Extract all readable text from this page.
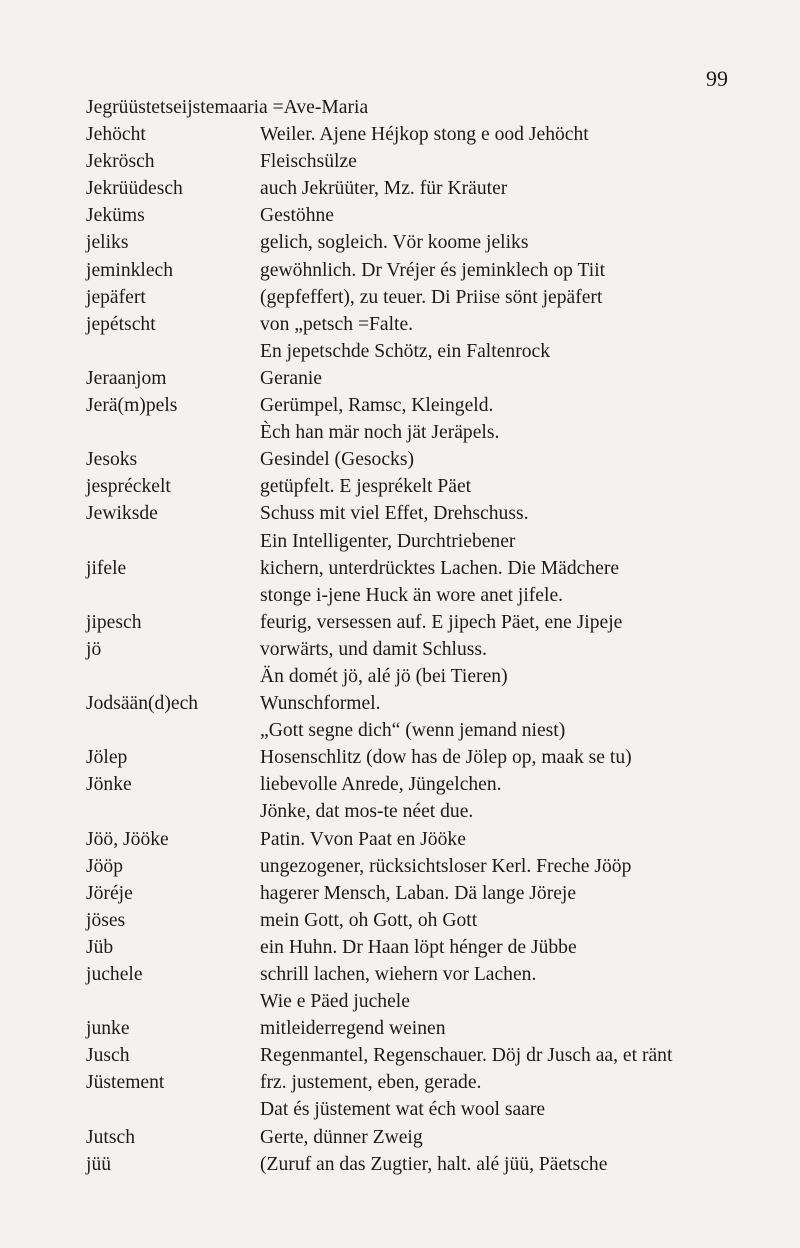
99
Jegrüüstetseijstemaaria =Ave-Maria
Jehöcht	Weiler. Ajene Héjkop stong e ood Jehöcht
Jekrösch	Fleischsülze
Jekrüüdesch	auch Jekrüüter, Mz. für Kräuter
Jeküms	Gestöhne
jeliks	gelich, sogleich. Vör koome jeliks
jeminklech	gewöhnlich. Dr Vréjer és jeminklech op Tiit
jepäfert	(gepfeffert), zu teuer. Di Priise sönt jepäfert
jepétscht	von „petsch =Falte.
En jepetschde Schötz, ein Faltenrock
Jeraanjom	Geranie
Jerä(m)pels	Gerümpel, Ramsc, Kleingeld.
Èch han mär noch jät Jeräpels.
Jesoks	Gesindel (Gesocks)
jespréckelt	getüpfelt. E jesprékelt Päet
Jewiksde	Schuss mit viel Effet, Drehschuss.
Ein Intelligenter, Durchtriebener
jifele	kichern, unterdrücktes Lachen. Die Mädchere
stonge i-jene Huck än wore anet jifele.
jipesch	feurig, versessen auf. E jipech Päet, ene Jipeje
jö	vorwärts, und damit Schluss.
Än domét jö, alé jö (bei Tieren)
Jodsään(d)ech	Wunschformel.
„Gott segne dich“ (wenn jemand niest)
Jölep	Hosenschlitz (dow has de Jölep op, maak se tu)
Jönke	liebevolle Anrede, Jüngelchen.
Jönke, dat mos-te néet due.
Jöö, Jööke	Patin. Vvon Paat en Jööke
Jööp	ungezogener, rücksichtsloser Kerl. Freche Jööp
Jöréje	hagerer Mensch, Laban. Dä lange Jöreje
jöses	mein Gott, oh Gott, oh Gott
Jüb	ein Huhn. Dr Haan löpt hénger de Jübbe
juchele	schrill lachen, wiehern vor Lachen.
Wie e Päed juchele
junke	mitleiderregend weinen
Jusch	Regenmantel, Regenschauer. Döj dr Jusch aa, et ränt
Jüstement	frz. justement, eben, gerade.
Dat és jüstement wat éch wool saare
Jutsch	Gerte, dünner Zweig
jüü	(Zuruf an das Zugtier, halt. alé jüü, Päetsche
